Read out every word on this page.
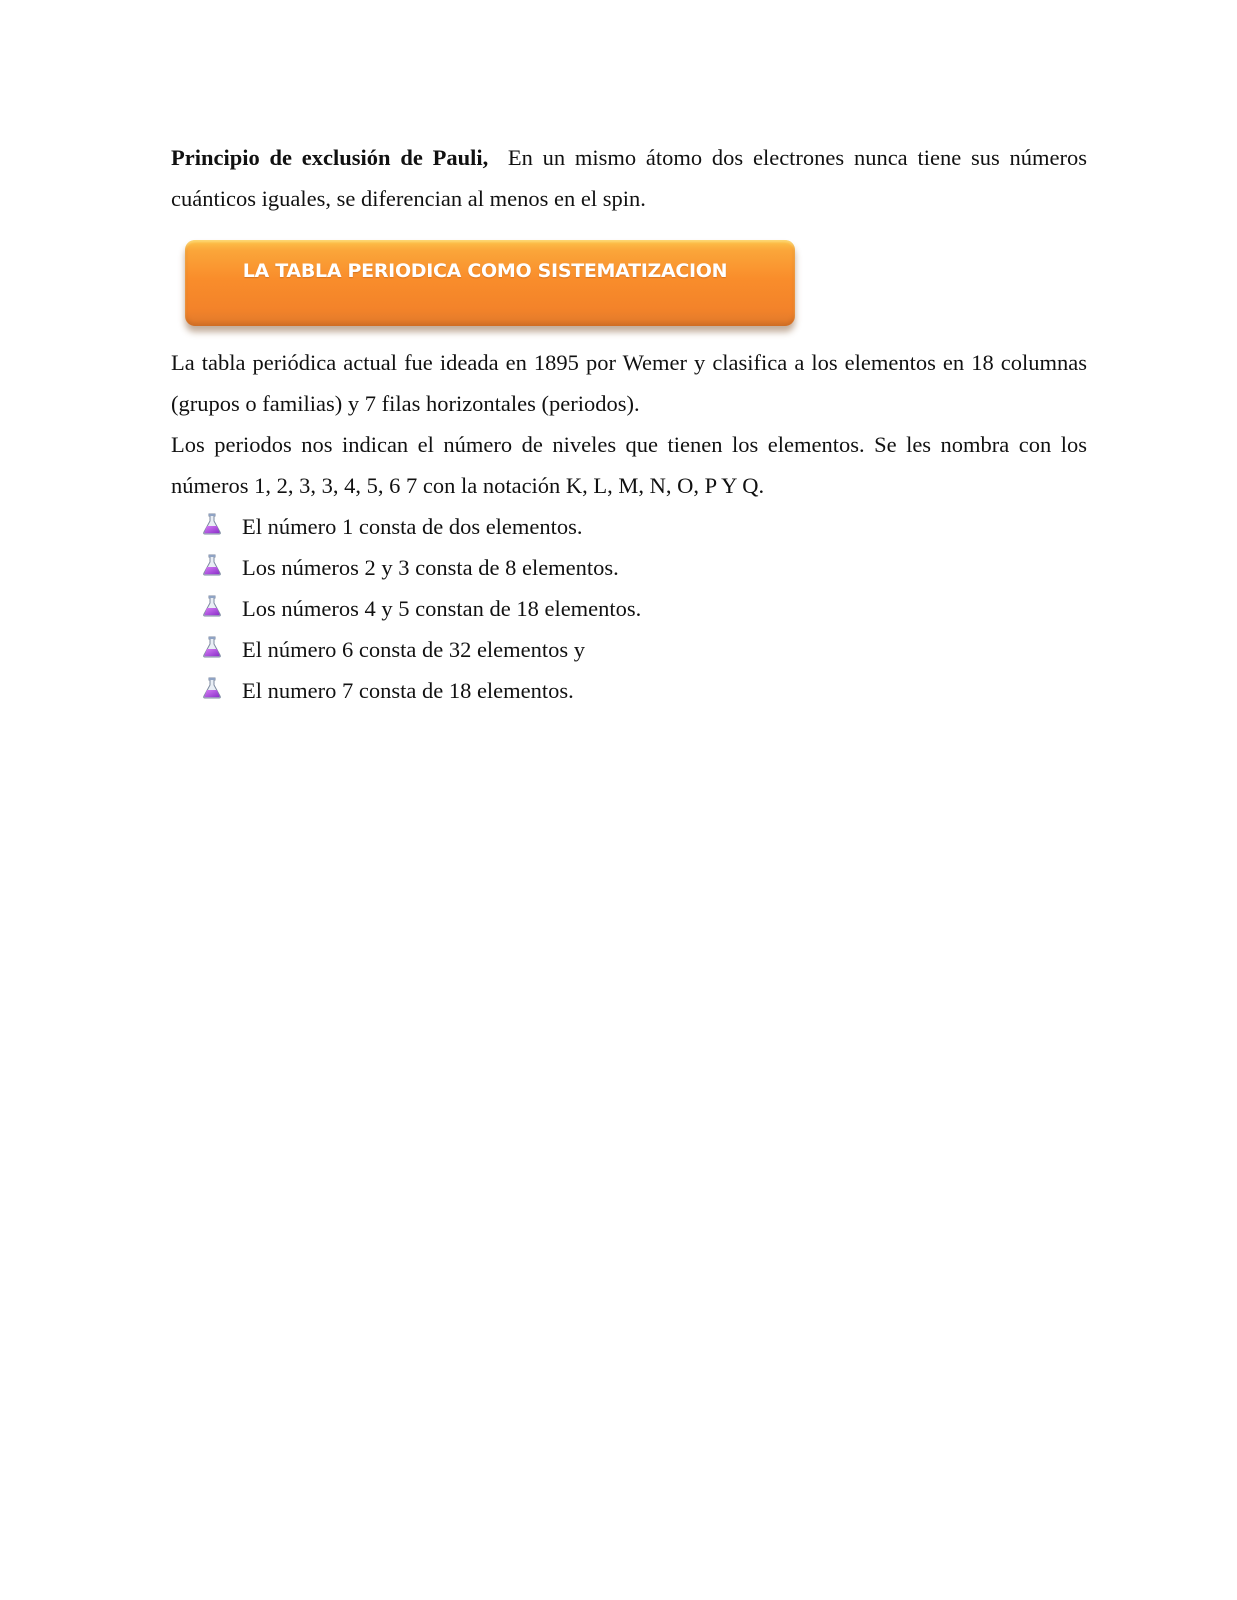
Principio de exclusión de Pauli, En un mismo átomo dos electrones nunca tiene sus números cuánticos iguales, se diferencian al menos en el spin.
LA TABLA PERIODICA COMO SISTEMATIZACION

La tabla periódica actual fue ideada en 1895 por Wemer y clasifica a los elementos en 18 columnas (grupos o familias) y 7 filas horizontales (periodos).

Los periodos nos indican el número de niveles que tienen los elementos. Se les nombra con los números 1, 2, 3, 3, 4, 5, 6 7 con la notación K, L, M, N, O, P Y Q.

El número 1 consta de dos elementos.
Los números 2 y 3 consta de 8 elementos.
Los números 4 y 5 constan de 18 elementos.
El número 6 consta de 32 elementos y
El numero 7 consta de 18 elementos.
